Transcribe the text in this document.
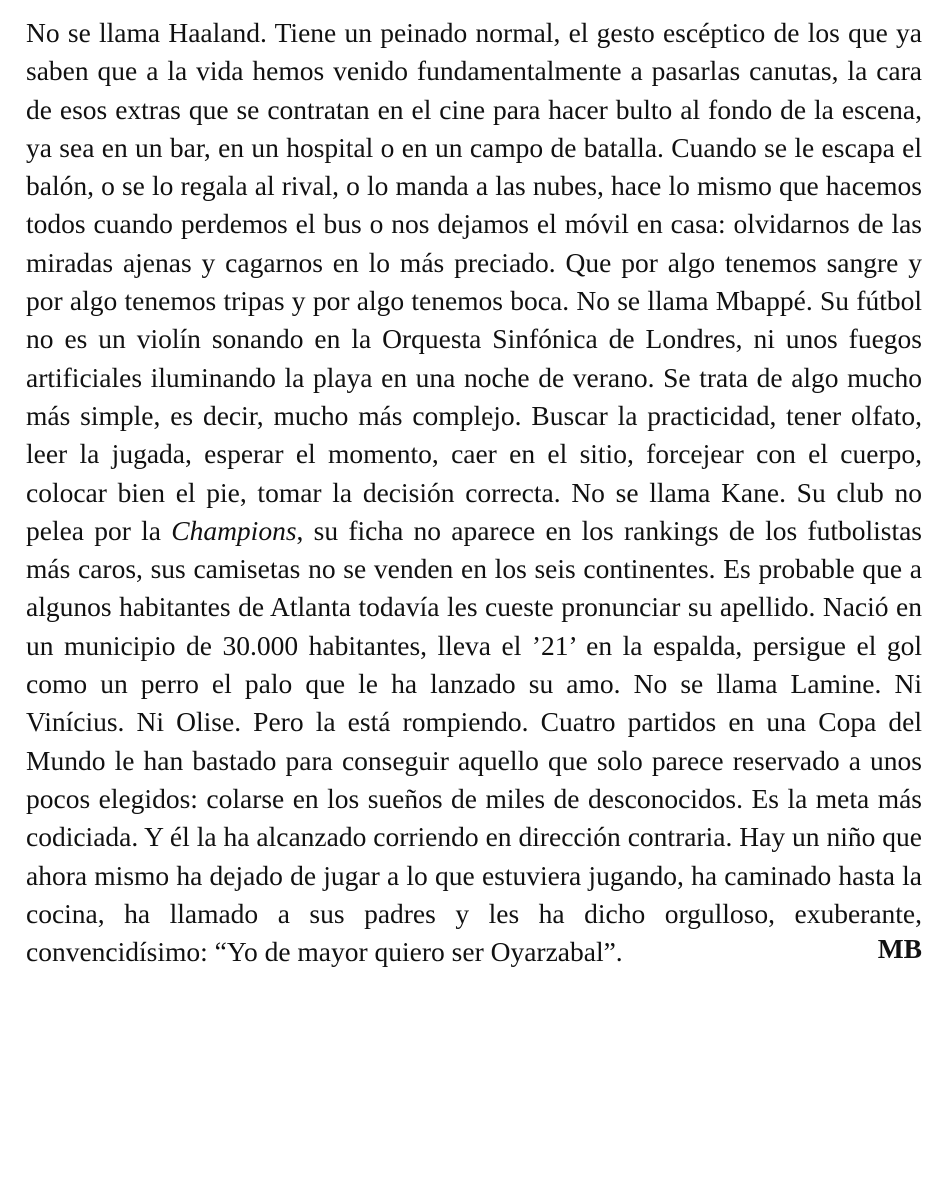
No se llama Haaland. Tiene un peinado normal, el gesto escéptico de los que ya saben que a la vida hemos venido fundamentalmente a pasarlas canutas, la cara de esos extras que se contratan en el cine para hacer bulto al fondo de la escena, ya sea en un bar, en un hospital o en un campo de batalla. Cuando se le escapa el balón, o se lo regala al rival, o lo manda a las nubes, hace lo mismo que hacemos todos cuando perdemos el bus o nos dejamos el móvil en casa: olvidarnos de las miradas ajenas y cagarnos en lo más preciado. Que por algo tenemos sangre y por algo tenemos tripas y por algo tenemos boca. No se llama Mbappé. Su fútbol no es un violín sonando en la Orquesta Sinfónica de Londres, ni unos fuegos artificiales iluminando la playa en una noche de verano. Se trata de algo mucho más simple, es decir, mucho más complejo. Buscar la practicidad, tener olfato, leer la jugada, esperar el momento, caer en el sitio, forcejear con el cuerpo, colocar bien el pie, tomar la decisión correcta. No se llama Kane. Su club no pelea por la Champions, su ficha no aparece en los rankings de los futbolistas más caros, sus camisetas no se venden en los seis continentes. Es probable que a algunos habitantes de Atlanta todavía les cueste pronunciar su apellido. Nació en un municipio de 30.000 habitantes, lleva el ’21’ en la espalda, persigue el gol como un perro el palo que le ha lanzado su amo. No se llama Lamine. Ni Vinícius. Ni Olise. Pero la está rompiendo. Cuatro partidos en una Copa del Mundo le han bastado para conseguir aquello que solo parece reservado a unos pocos elegidos: colarse en los sueños de miles de desconocidos. Es la meta más codiciada. Y él la ha alcanzado corriendo en dirección contraria. Hay un niño que ahora mismo ha dejado de jugar a lo que estuviera jugando, ha caminado hasta la cocina, ha llamado a sus padres y les ha dicho orgulloso, exuberante, convencidísimo: “Yo de mayor quiero ser Oyarzabal”.	MB
